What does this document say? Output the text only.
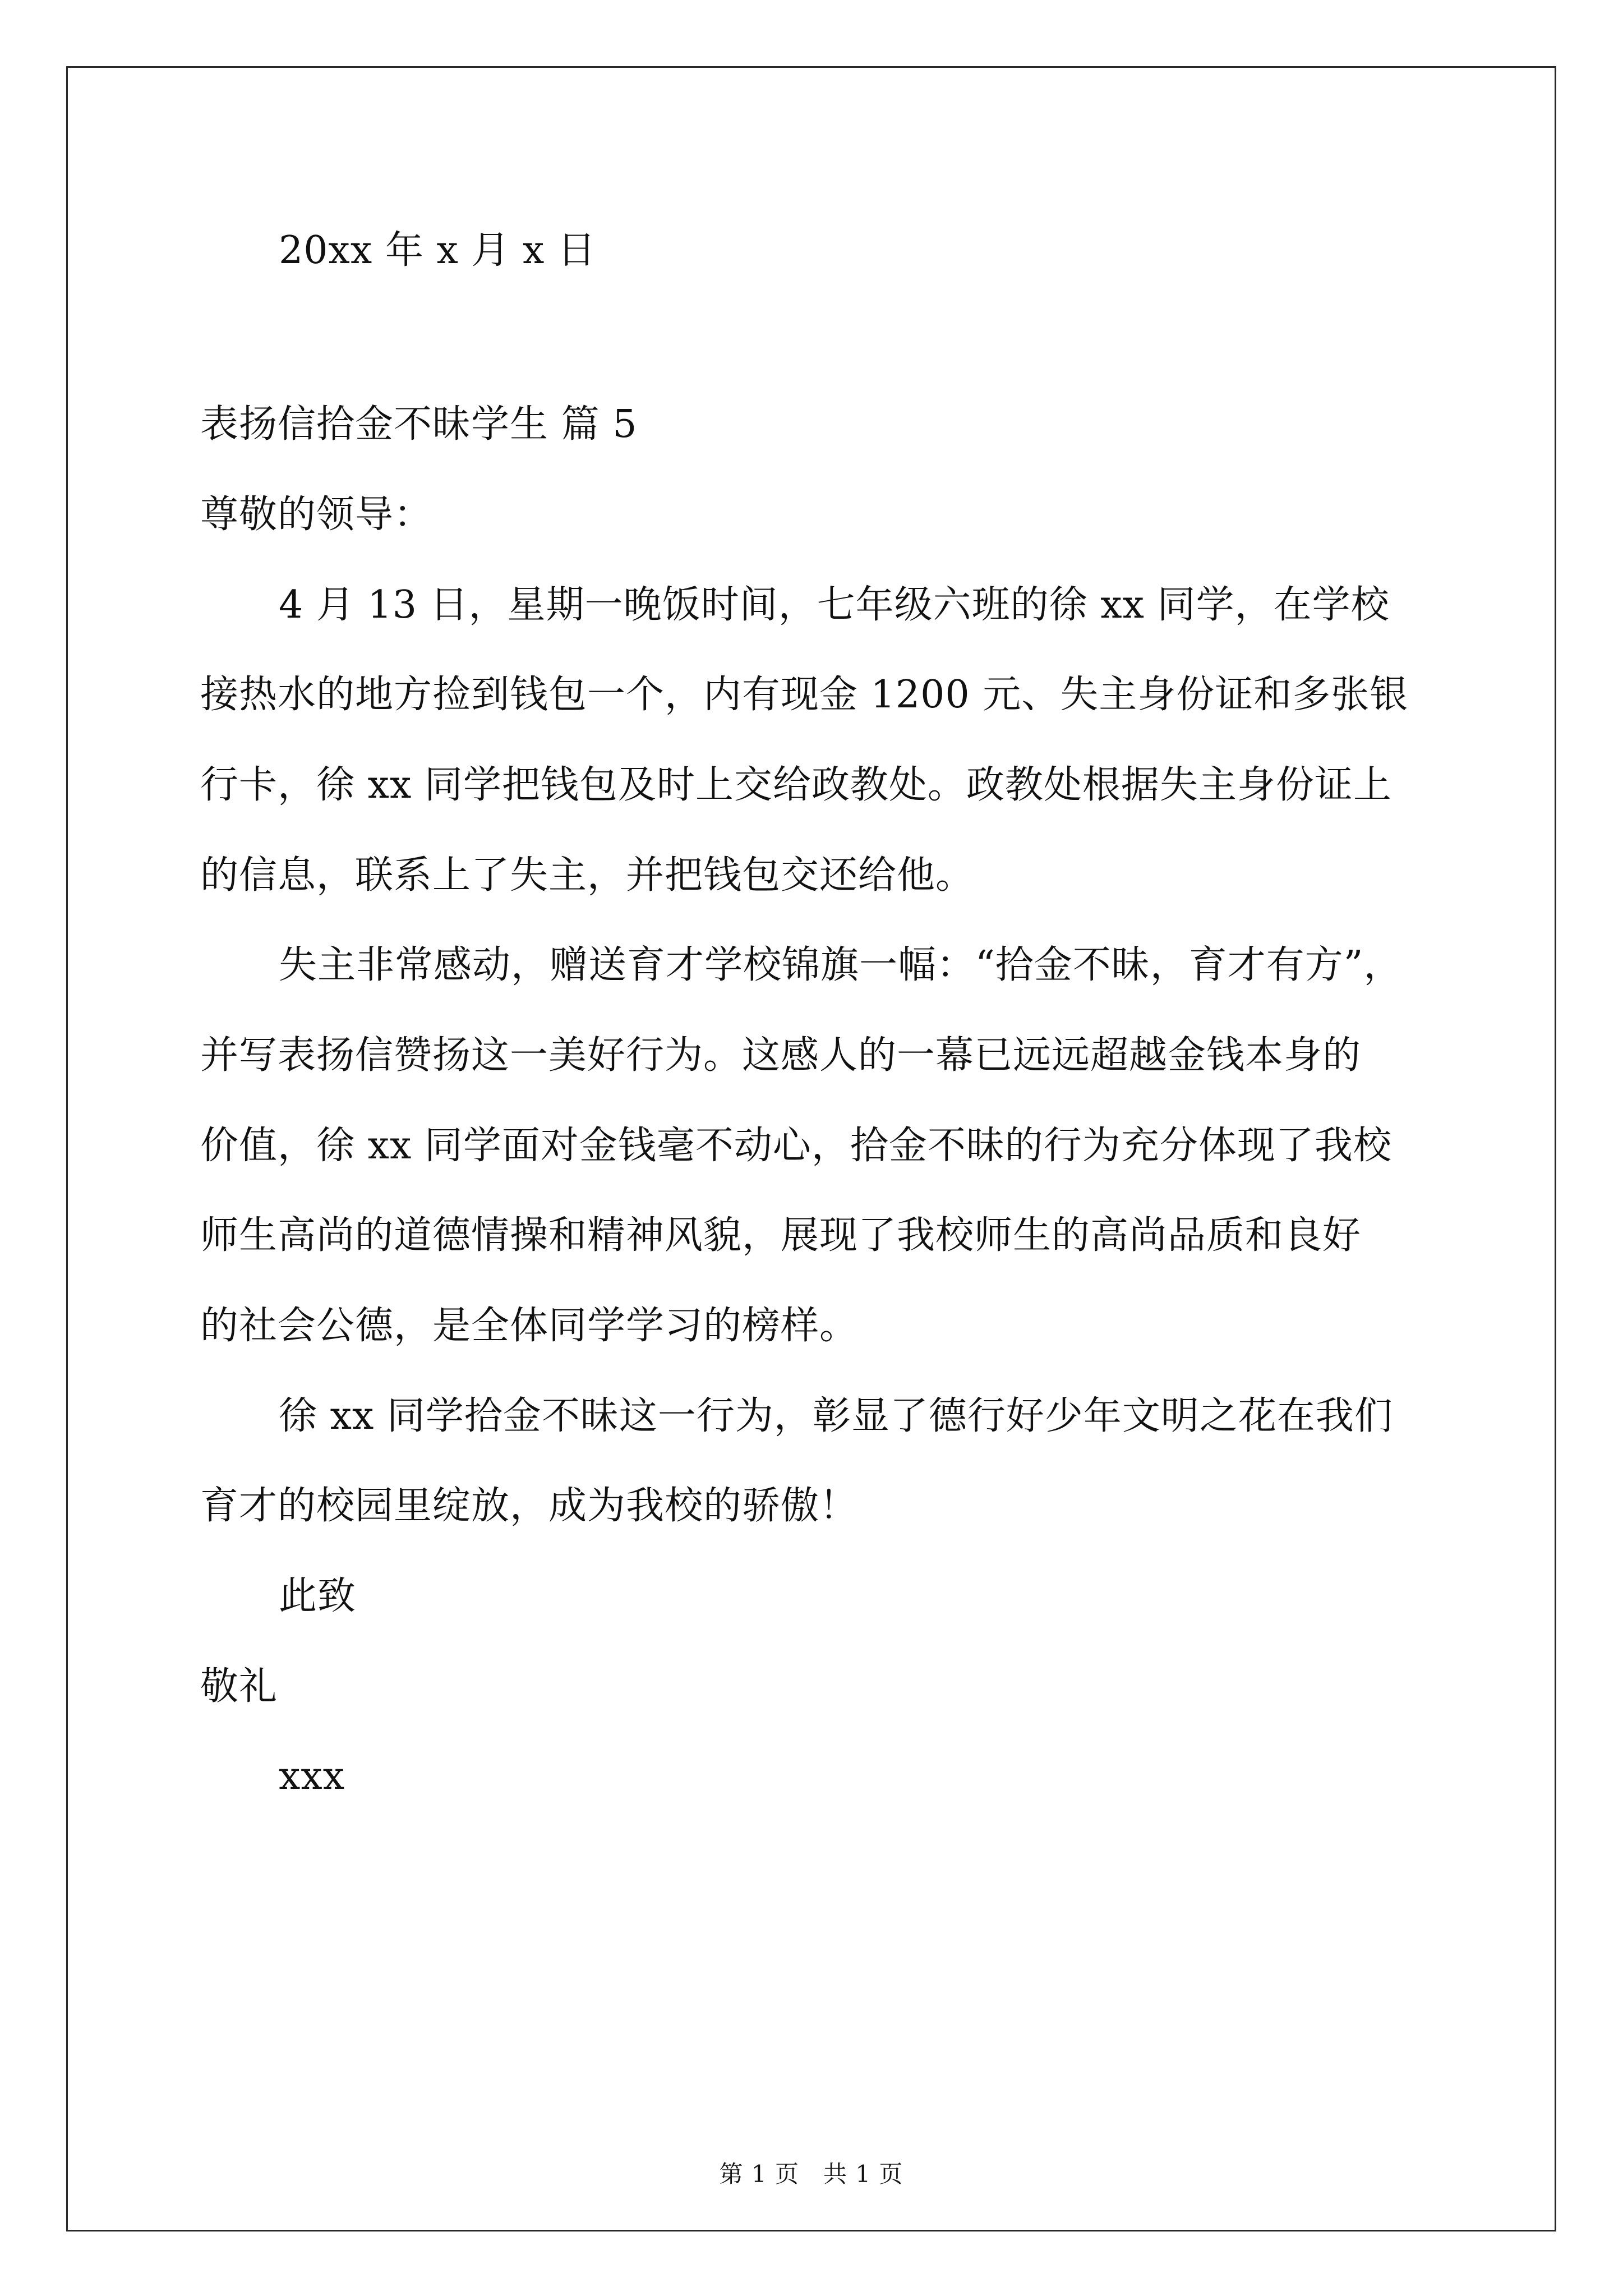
20xx 年 x 月 x 日
表扬信拾金不昧学生 篇 5
尊敬的领导：
4 月 13 日，星期一晚饭时间，七年级六班的徐 xx 同学，在学校
接热水的地方捡到钱包一个，内有现金 1200 元、失主身份证和多张银
行卡，徐 xx 同学把钱包及时上交给政教处。政教处根据失主身份证上
的信息，联系上了失主，并把钱包交还给他。
失主非常感动，赠送育才学校锦旗一幅：“拾金不昧，育才有方”，
并写表扬信赞扬这一美好行为。这感人的一幕已远远超越金钱本身的
价值，徐 xx 同学面对金钱毫不动心，拾金不昧的行为充分体现了我校
师生高尚的道德情操和精神风貌，展现了我校师生的高尚品质和良好
的社会公德，是全体同学学习的榜样。
徐 xx 同学拾金不昧这一行为，彰显了德行好少年文明之花在我们
育才的校园里绽放，成为我校的骄傲！
此致
敬礼
xxx
第 1 页　共 1 页
